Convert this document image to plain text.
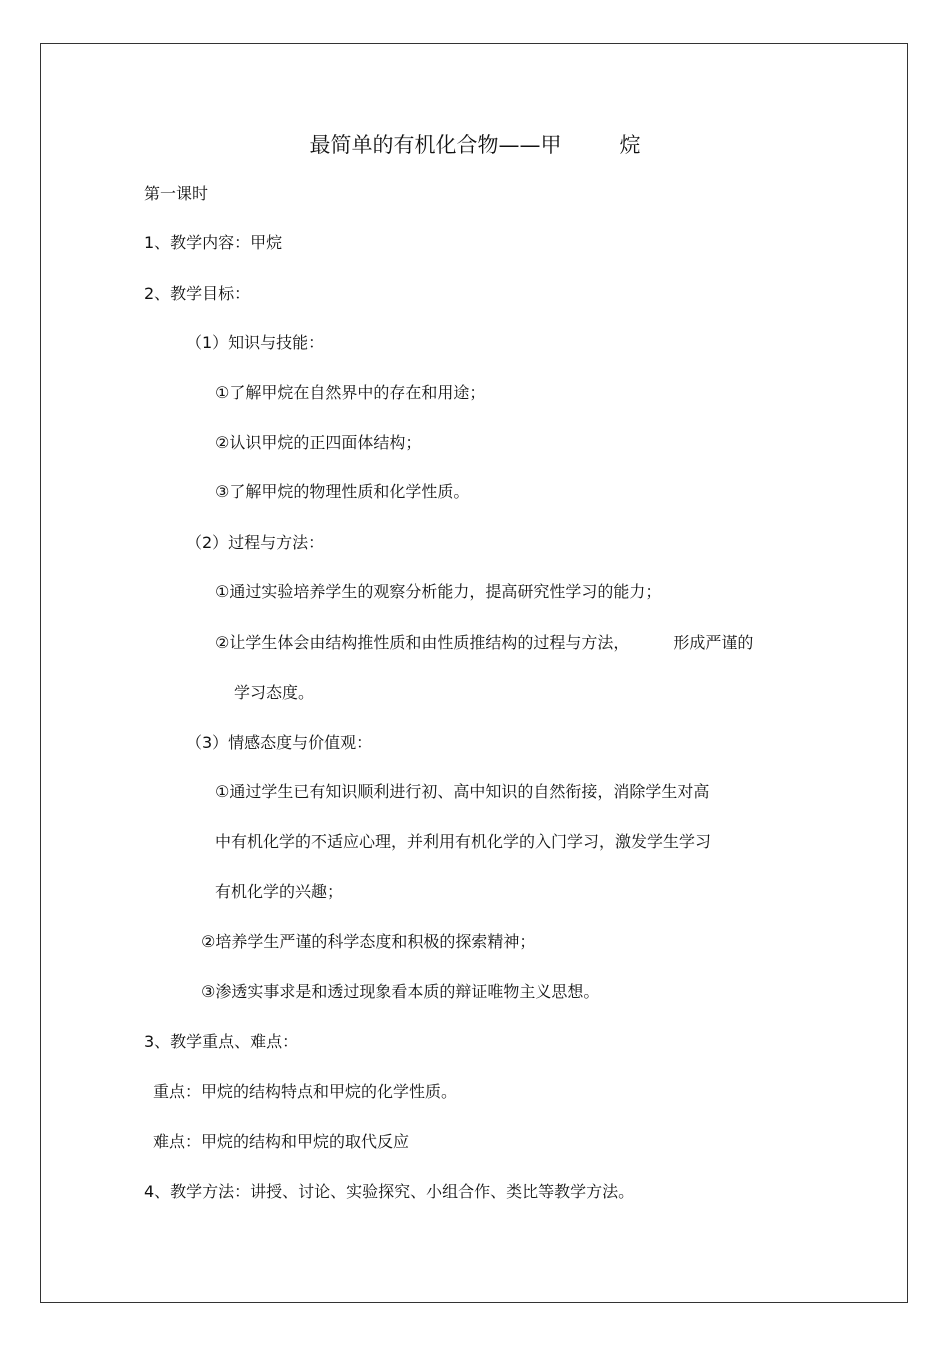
最简单的有机化合物——甲	烷
第一课时
1、教学内容：甲烷
2、教学目标：
（1）知识与技能：
①了解甲烷在自然界中的存在和用途；
②认识甲烷的正四面体结构；
③了解甲烷的物理性质和化学性质。
（2）过程与方法：
①通过实验培养学生的观察分析能力，提高研究性学习的能力；
②让学生体会由结构推性质和由性质推结构的过程与方法，	形成严谨的
学习态度。
（3）情感态度与价值观：
①通过学生已有知识顺利进行初、高中知识的自然衔接，消除学生对高
中有机化学的不适应心理，并利用有机化学的入门学习，激发学生学习
有机化学的兴趣；
②培养学生严谨的科学态度和积极的探索精神；
③渗透实事求是和透过现象看本质的辩证唯物主义思想。
3、教学重点、难点：
重点：甲烷的结构特点和甲烷的化学性质。
难点：甲烷的结构和甲烷的取代反应
4、教学方法：讲授、讨论、实验探究、小组合作、类比等教学方法。
